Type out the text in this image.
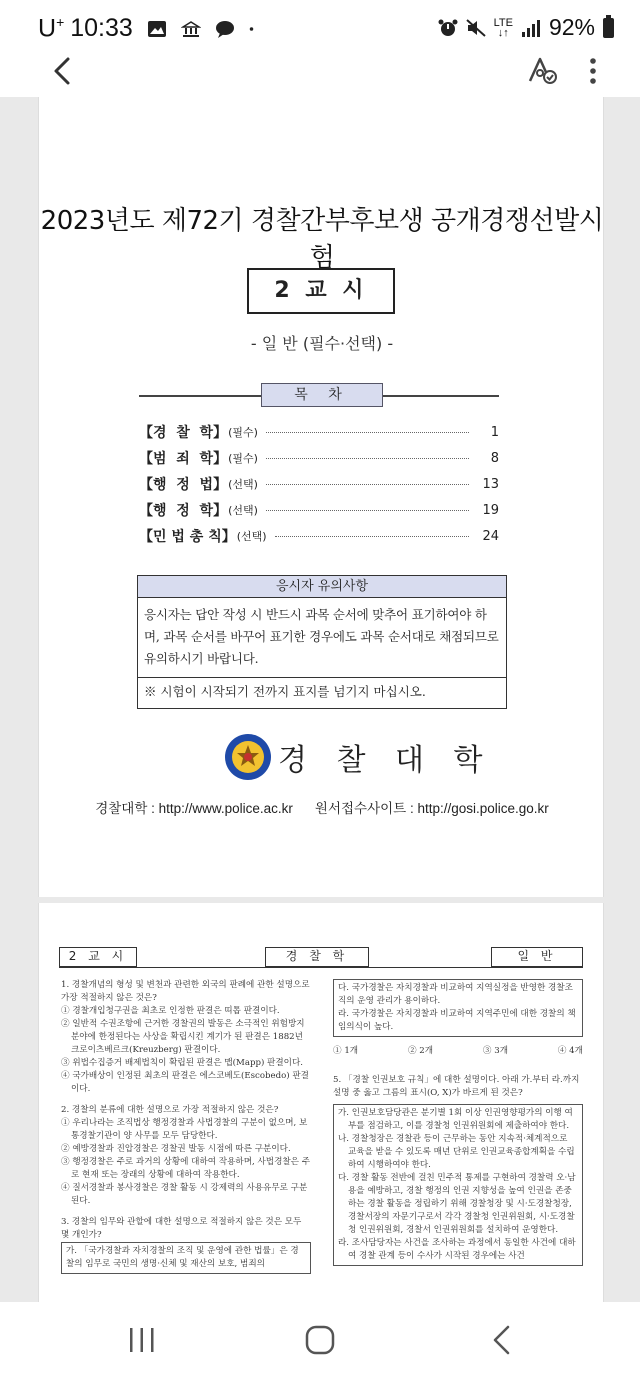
U+ 10:33	LTE
↓↑ 92%
2023년도 제72기 경찰간부후보생 공개경쟁선발시험
2 교 시
- 일 반 (필수·선택) -
목 차
【경  찰  학】 (필수)	1
【범  죄  학】 (필수)	8
【행  정  법】 (선택)	13
【행  정  학】 (선택)	19
【민 법 총 칙】 (선택)	24
응시자 유의사항
응시자는 답안 작성 시 반드시 과목 순서에 맞추어 표기하여야 하며, 과목 순서를 바꾸어 표기한 경우에도 과목 순서대로 채점되므로 유의하시기 바랍니다.
※ 시험이 시작되기 전까지 표지를 넘기지 마십시오.
경 찰 대 학
경찰대학 : http://www.police.ac.kr 원서접수사이트 : http://gosi.police.go.kr
2 교 시	경 찰 학	일 반

1. 경찰개념의 형성 및 변천과 관련한 외국의 판례에 관한 설명으로 가장 적절하지 않은 것은?

① 경찰개입청구권을 최초로 인정한 판결은 띠톱 판결이다.

② 일반적 수권조항에 근거한 경찰권의 발동은 소극적인 위험방지 분야에 한정된다는 사상을 확립시킨 계기가 된 판결은 1882년 크로이츠베르크(Kreuzberg) 판결이다.

③ 위법수집증거 배제법칙이 확립된 판결은 맵(Mapp) 판결이다.

④ 국가배상이 인정된 최초의 판결은 에스코베도(Escobedo) 판결이다.

2. 경찰의 분류에 대한 설명으로 가장 적절하지 않은 것은?

① 우리나라는 조직법상 행정경찰과 사법경찰의 구분이 없으며, 보통경찰기관이 양 사무를 모두 담당한다.

② 예방경찰과 진압경찰은 경찰권 발동 시점에 따른 구분이다.

③ 행정경찰은 주로 과거의 상황에 대하여 작용하며, 사법경찰은 주로 현재 또는 장래의 상황에 대하여 작용한다.

④ 질서경찰과 봉사경찰은 경찰 활동 시 강제력의 사용유무로 구분된다.

3. 경찰의 임무와 관할에 대한 설명으로 적절하지 않은 것은 모두 몇 개인가?

가. 「국가경찰과 자치경찰의 조직 및 운영에 관한 법률」은 경찰의 임무로 국민의 생명·신체 및 재산의 보호, 범죄의

다. 국가경찰은 자치경찰과 비교하여 지역실정을 반영한 경찰조직의 운영 관리가 용이하다.

라. 국가경찰은 자치경찰과 비교하여 지역주민에 대한 경찰의 책임의식이 높다.

① 1개	② 2개	③ 3개	④ 4개

5. 「경찰 인권보호 규칙」에 대한 설명이다. 아래 가.부터 라.까지 설명 중 옳고 그름의 표시(O, X)가 바르게 된 것은?

가. 인권보호담당관은 분기별 1회 이상 인권영향평가의 이행 여부를 점검하고, 이를 경찰청 인권위원회에 제출하여야 한다.

나. 경찰청장은 경찰관 등이 근무하는 동안 지속적·체계적으로 교육을 받을 수 있도록 매년 단위로 인권교육종합계획을 수립하여 시행하여야 한다.

다. 경찰 활동 전반에 걸친 민주적 통제를 구현하여 경찰력 오·남용을 예방하고, 경찰 행정의 인권 지향성을 높여 인권을 존중하는 경찰 활동을 정립하기 위해 경찰청장 및 시·도경찰청장, 경찰서장의 자문기구로서 각각 경찰청 인권위원회, 시·도경찰청 인권위원회, 경찰서 인권위원회를 설치하여 운영한다.

라. 조사담당자는 사건을 조사하는 과정에서 동일한 사건에 대하여 경찰 관계 등이 수사가 시작된 경우에는 사건
